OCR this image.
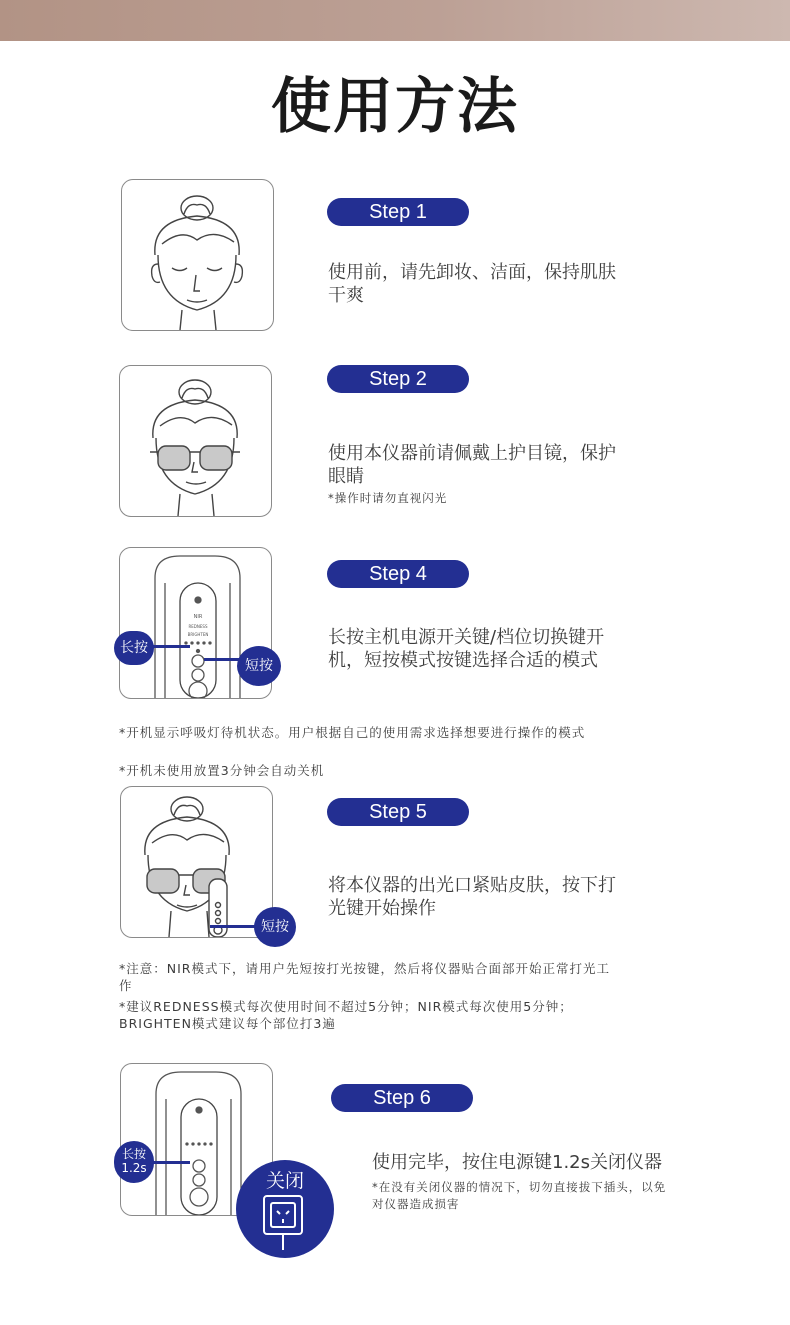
使用方法
Step 1
使用前，请先卸妆、洁面，保持肌肤干爽
Step 2
使用本仪器前请佩戴上护目镜，保护眼睛
*操作时请勿直视闪光
NIR
REDNESS
BRIGHTEN
长按
短按
Step 4
长按主机电源开关键/档位切换键开机，短按模式按键选择合适的模式
*开机显示呼吸灯待机状态。用户根据自己的使用需求选择想要进行操作的模式
*开机未使用放置3分钟会自动关机
短按
Step 5
将本仪器的出光口紧贴皮肤，按下打光键开始操作
*注意：NIR模式下，请用户先短按打光按键，然后将仪器贴合面部开始正常打光工作
*建议REDNESS模式每次使用时间不超过5分钟；NIR模式每次使用5分钟；BRIGHTEN模式建议每个部位打3遍
长按
1.2s
关闭
Step 6
使用完毕，按住电源键1.2s关闭仪器
*在没有关闭仪器的情况下，切勿直接拔下插头，以免对仪器造成损害
